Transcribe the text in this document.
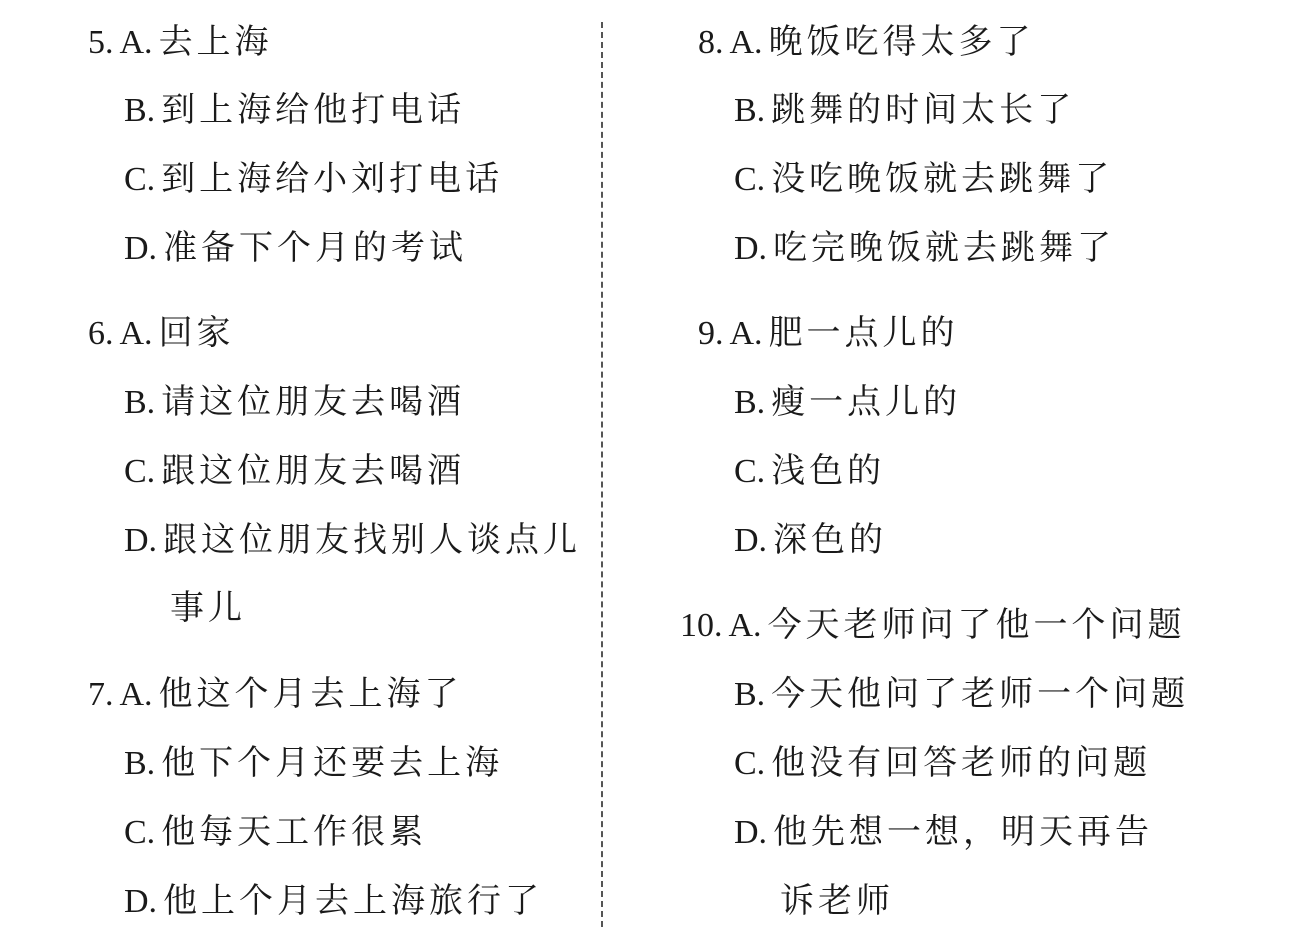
5. A. 去上海
B. 到上海给他打电话
C. 到上海给小刘打电话
D. 准备下个月的考试
6. A. 回家
B. 请这位朋友去喝酒
C. 跟这位朋友去喝酒
D. 跟这位朋友找别人谈点儿
事儿
7. A. 他这个月去上海了
B. 他下个月还要去上海
C. 他每天工作很累
D. 他上个月去上海旅行了
8. A. 晚饭吃得太多了
B. 跳舞的时间太长了
C. 没吃晚饭就去跳舞了
D. 吃完晚饭就去跳舞了
9. A. 肥一点儿的
B. 瘦一点儿的
C. 浅色的
D. 深色的
10. A. 今天老师问了他一个问题
B. 今天他问了老师一个问题
C. 他没有回答老师的问题
D. 他先想一想，明天再告
诉老师
